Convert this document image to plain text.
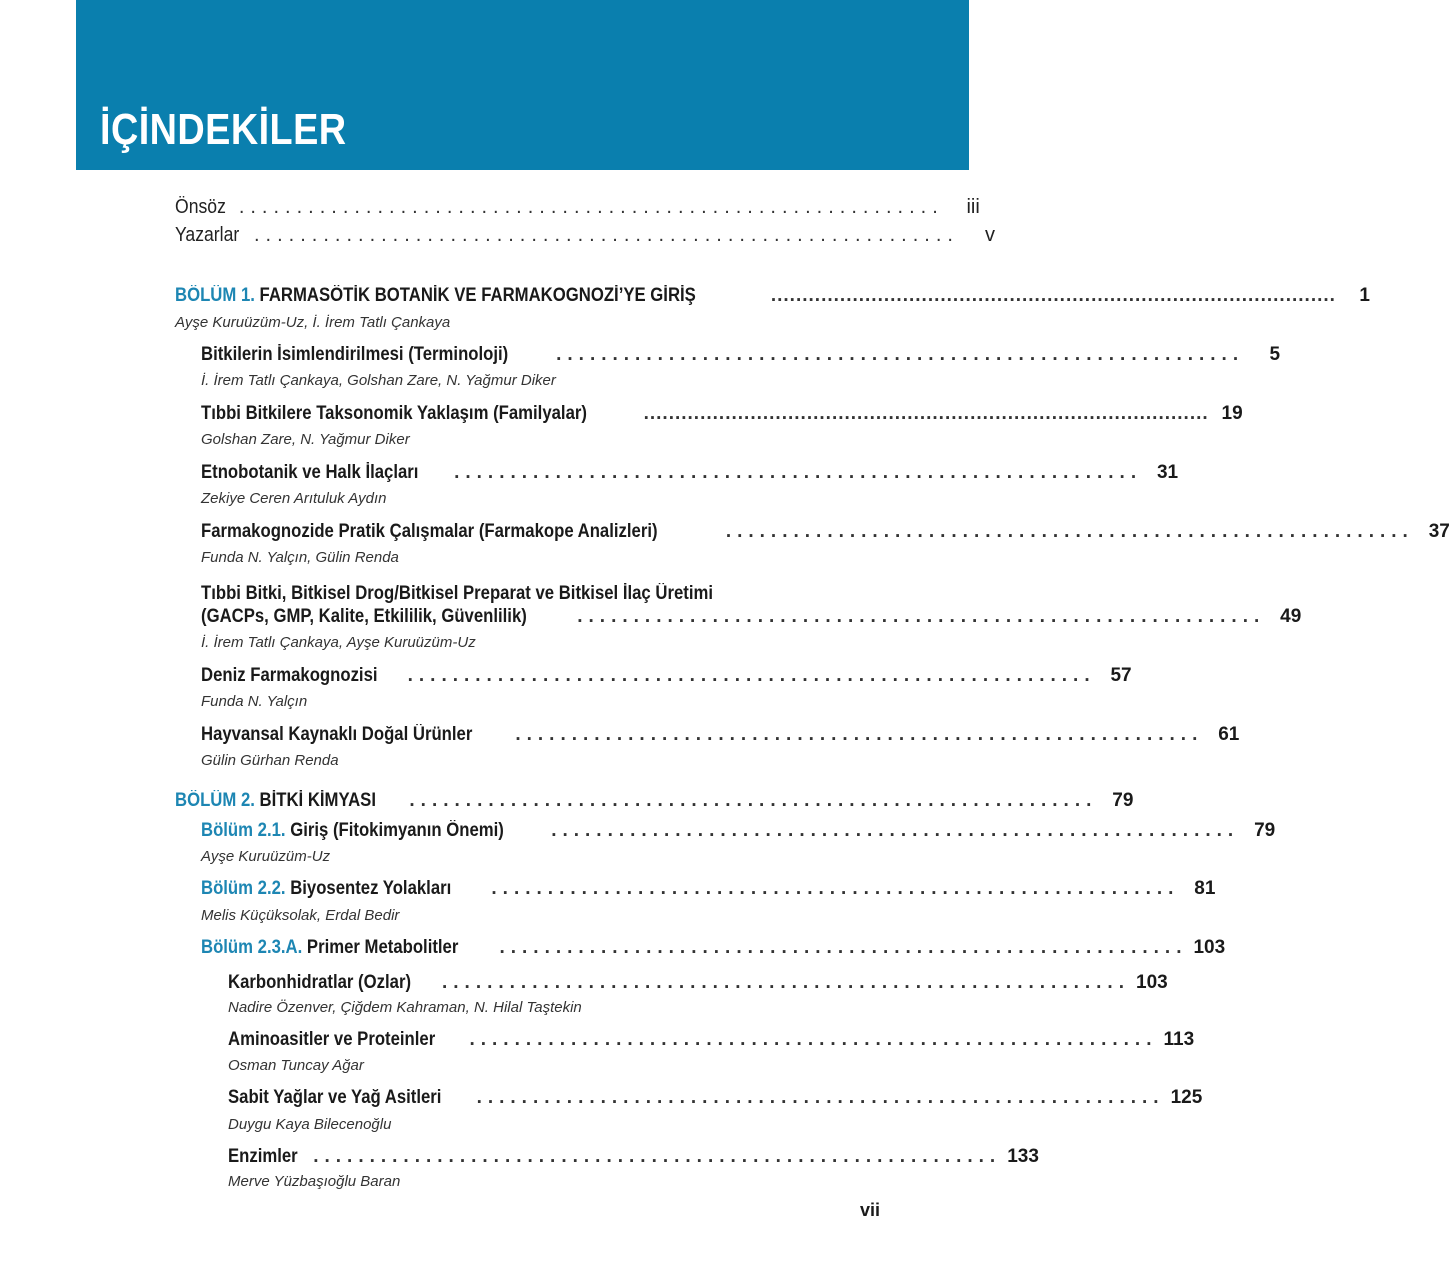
İÇİNDEKİLER
Önsöz .............................................................	iii
Yazarlar .............................................................	v
BÖLÜM 1. FARMASÖTİK BOTANİK VE FARMAKOGNOZİ’YE GİRİŞ	..........................................................................................	1
Ayşe Kuruüzüm-Uz, İ. İrem Tatlı Çankaya
Bitkilerin İsimlendirilmesi (Terminoloji)	.............................................................	5
İ. İrem Tatlı Çankaya, Golshan Zare, N. Yağmur Diker
Tıbbi Bitkilere Taksonomik Yaklaşım (Familyalar)	.......................................................................................... 19
Golshan Zare, N. Yağmur Diker
Etnobotanik ve Halk İlaçları ............................................................. 31
Zekiye Ceren Arıtuluk Aydın
Farmakognozide Pratik Çalışmalar (Farmakope Analizleri)	............................................................. 37
Funda N. Yalçın, Gülin Renda
Tıbbi Bitki, Bitkisel Drog/Bitkisel Preparat ve Bitkisel İlaç Üretimi
(GACPs, GMP, Kalite, Etkililik, Güvenlilik)	............................................................. 49
İ. İrem Tatlı Çankaya, Ayşe Kuruüzüm-Uz
Deniz Farmakognozisi ............................................................. 57
Funda N. Yalçın
Hayvansal Kaynaklı Doğal Ürünler ............................................................. 61
Gülin Gürhan Renda
BÖLÜM 2. BİTKİ KİMYASI ............................................................. 79
Bölüm 2.1. Giriş (Fitokimyanın Önemi) ............................................................. 79
Ayşe Kuruüzüm-Uz
Bölüm 2.2. Biyosentez Yolakları ............................................................. 81
Melis Küçüksolak, Erdal Bedir
Bölüm 2.3.A. Primer Metabolitler ............................................................. 103
Karbonhidratlar (Ozlar) ............................................................. 103
Nadire Özenver, Çiğdem Kahraman, N. Hilal Taştekin
Aminoasitler ve Proteinler ............................................................. 113
Osman Tuncay Ağar
Sabit Yağlar ve Yağ Asitleri ............................................................. 125
Duygu Kaya Bilecenoğlu
Enzimler ............................................................. 133
Merve Yüzbaşıoğlu Baran
vii
